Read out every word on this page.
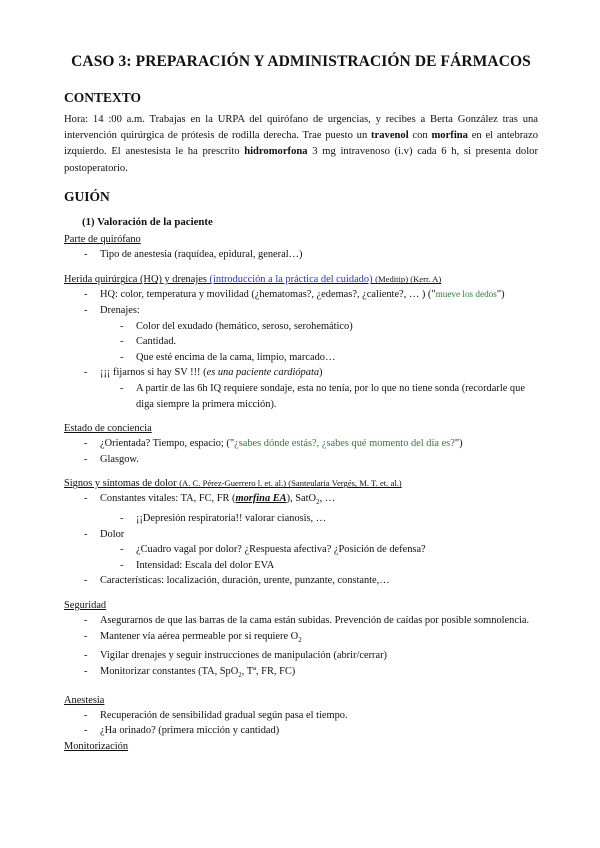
CASO 3: PREPARACIÓN Y ADMINISTRACIÓN DE FÁRMACOS
CONTEXTO

Hora: 14 :00 a.m. Trabajas en la URPA del quirófano de urgencias, y recibes a Berta González tras una intervención quirúrgica de prótesis de rodilla derecha. Trae puesto un travenol con morfina en el antebrazo izquierdo. El anestesista le ha prescrito hidromorfona 3 mg intravenoso (i.v) cada 6 h, si presenta dolor postoperatorio.

GUIÓN

(1) Valoración de la paciente

Parte de quirófano

- Tipo de anestesia (raquídea, epidural, general…)

Herida quirúrgica (HQ) y drenajes (introducción a la práctica del cuidado) (Meditip) (Kerr. A)

- HQ: color, temperatura y movilidad (¿hematomas?, ¿edemas?, ¿caliente?, … ) ("mueve los dedos")
- Drenajes:
- Color del exudado (hemático, seroso, serohemático)
- Cantidad.
- Que esté encima de la cama, limpio, marcado…
- ¡¡¡ fijarnos si hay SV !!! (es una paciente cardiópata)
- A partir de las 6h IQ requiere sondaje, esta no tenía, por lo que no tiene sonda (recordarle que diga siempre la primera micción).

Estado de conciencia

- ¿Orientada? Tiempo, espacio; ("¿sabes dónde estás?, ¿sabes qué momento del día es?")
- Glasgow.

Signos y síntomas de dolor (A. C. Pérez-Guerrero l. et. al.) (Santeularia Vergés, M. T. et. al.)

- Constantes vitales: TA, FC, FR (morfina EA), SatO$_2$, …
- ¡¡Depresión respiratoria!! valorar cianosis, …
- Dolor
- ¿Cuadro vagal por dolor? ¿Respuesta afectiva? ¿Posición de defensa?
- Intensidad: Escala del dolor EVA
- Características: localización, duración, urente, punzante, constante,…

Seguridad

- Asegurarnos de que las barras de la cama están subidas. Prevención de caídas por posible somnolencia.
- Mantener vía aérea permeable por si requiere $O_2$
- Vigilar drenajes y seguir instrucciones de manipulación (abrir/cerrar)
- Monitorizar constantes (TA, SpO$_2$, Tª, FR, FC)

Anestesia

- Recuperación de sensibilidad gradual según pasa el tiempo.
- ¿Ha orinado? (primera micción y cantidad)

Monitorización
